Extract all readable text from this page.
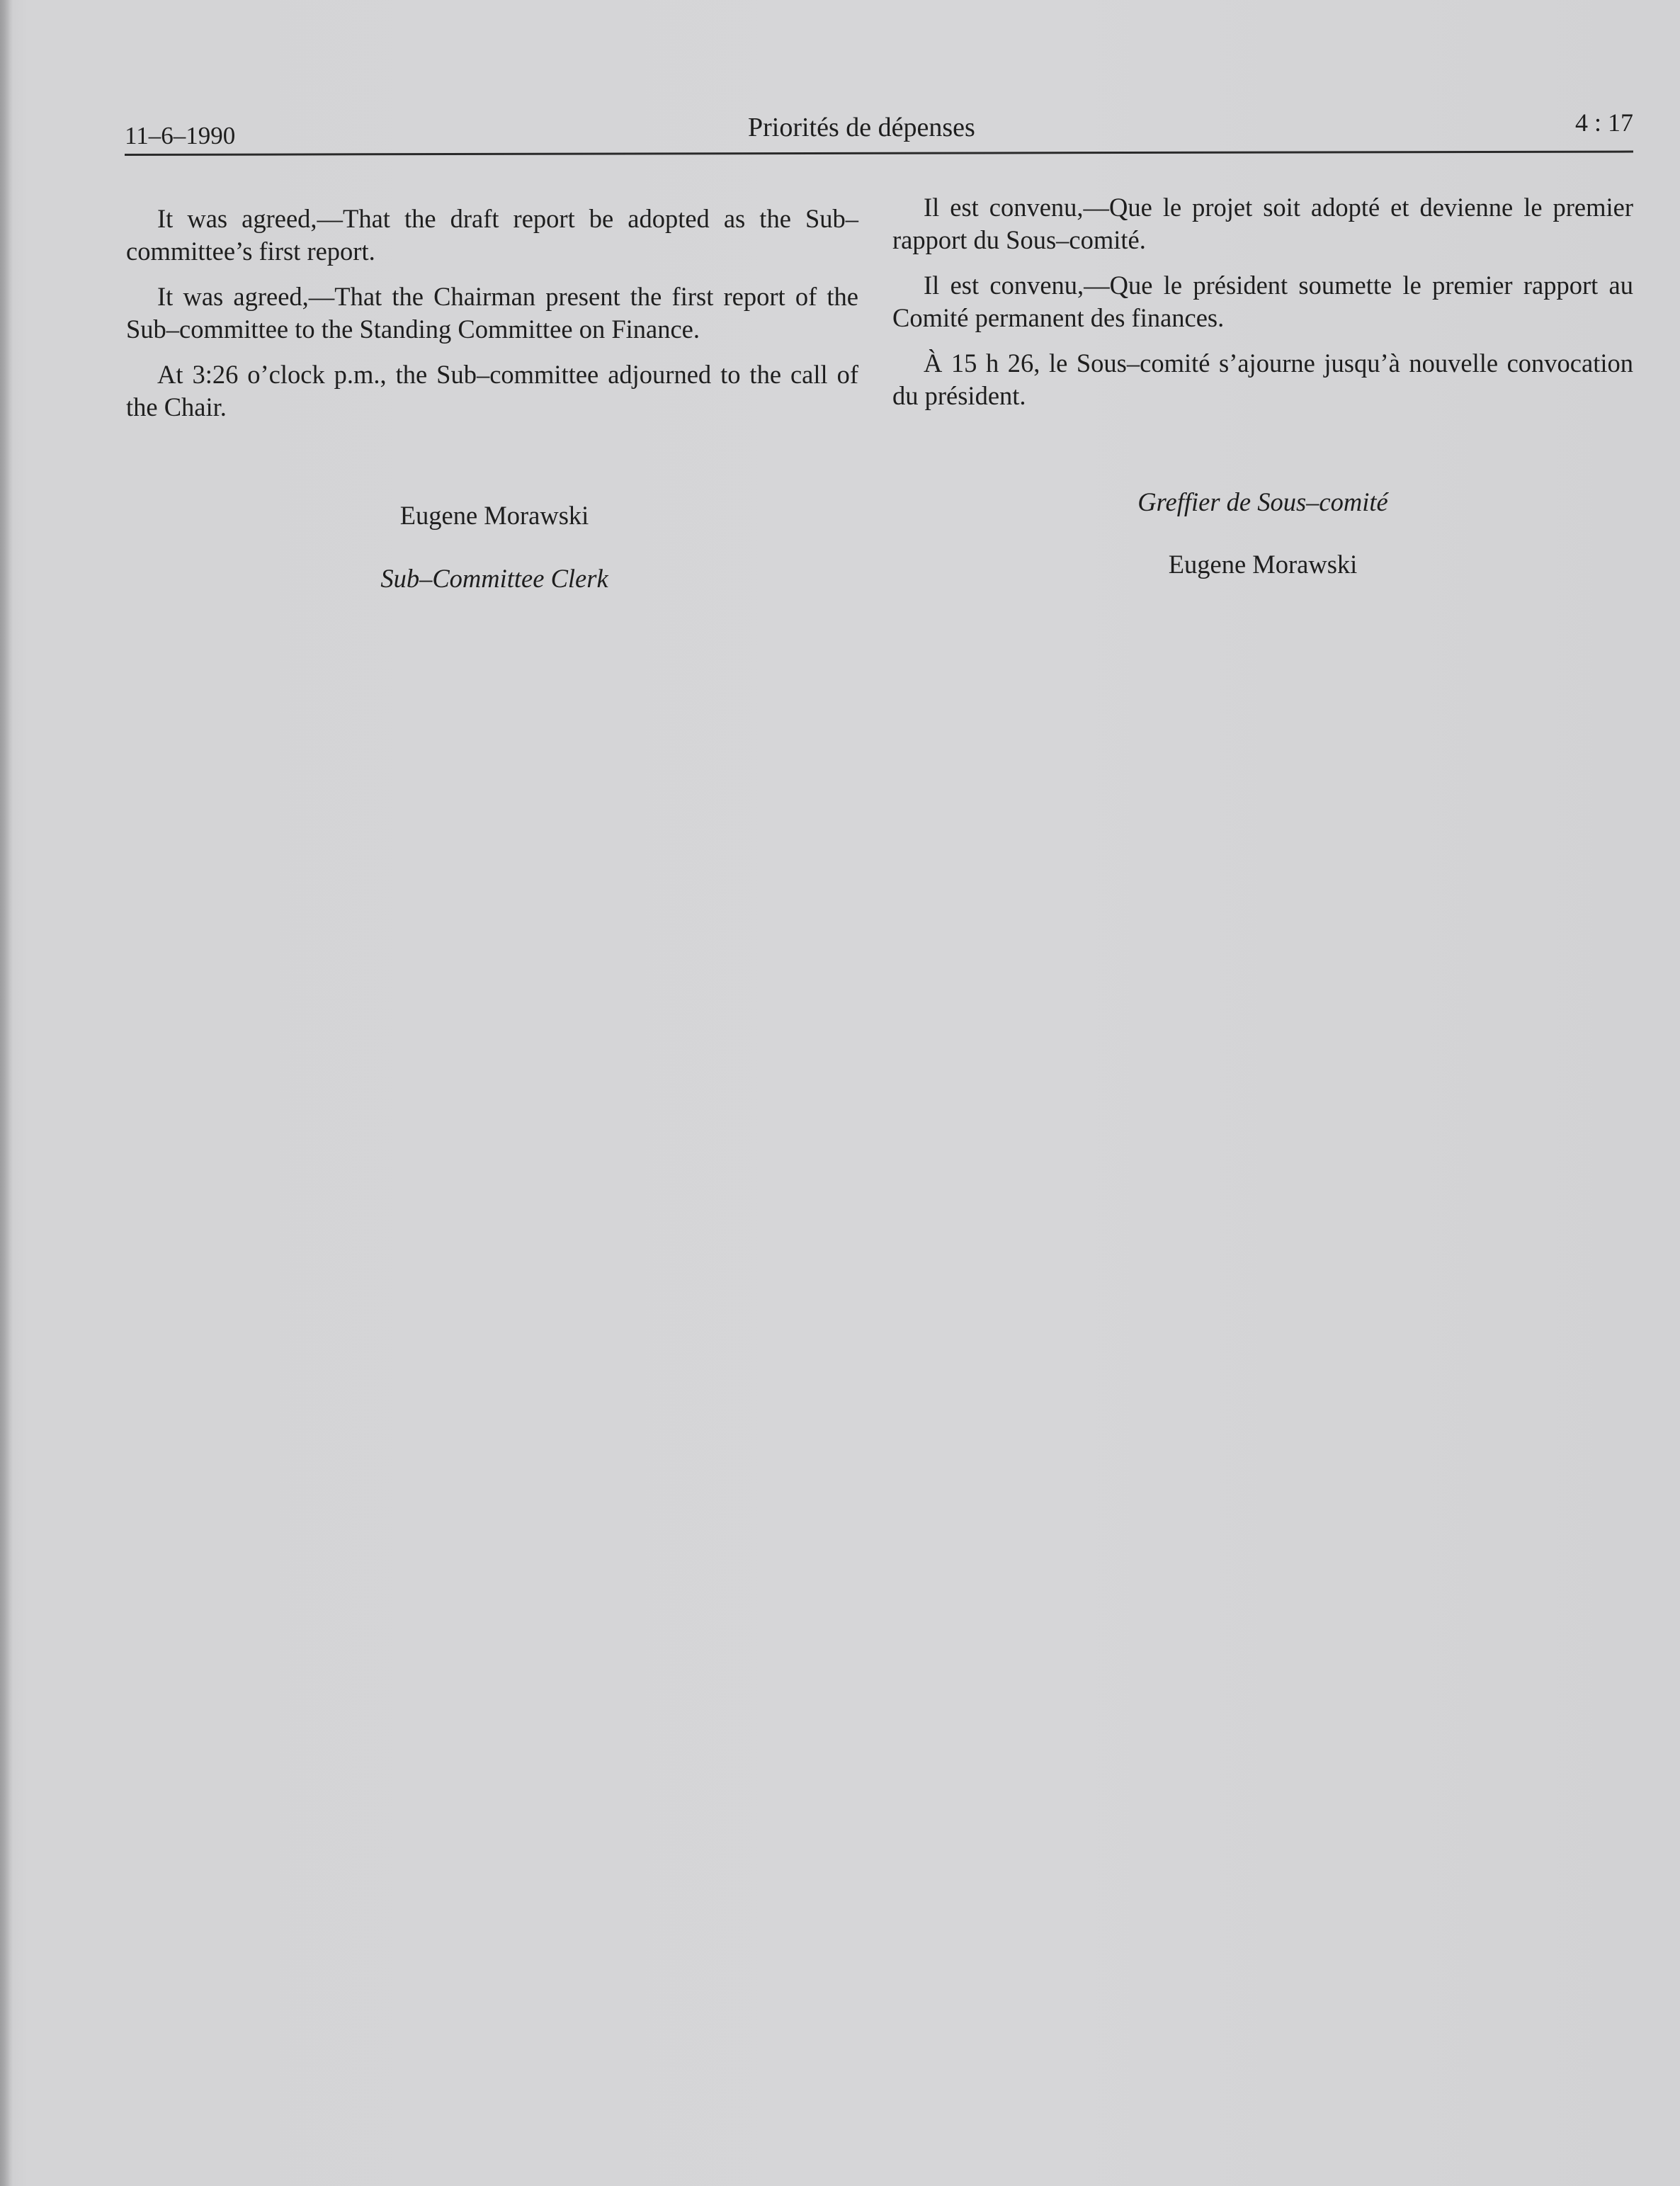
11–6–1990	Priorités de dépenses	4 : 17

It was agreed,—That the draft report be adopted as the Sub–committee’s first report.

It was agreed,—That the Chairman present the first report of the Sub–committee to the Standing Committee on Finance.

At 3:26 o’clock p.m., the Sub–committee adjourned to the call of the Chair.

Il est convenu,—Que le projet soit adopté et devienne le premier rapport du Sous–comité.

Il est convenu,—Que le président soumette le premier rapport au Comité permanent des finances.

À 15 h 26, le Sous–comité s’ajourne jusqu’à nouvelle convocation du président.

Eugene Morawski
Sub–Committee Clerk
Greffier de Sous–comité
Eugene Morawski
